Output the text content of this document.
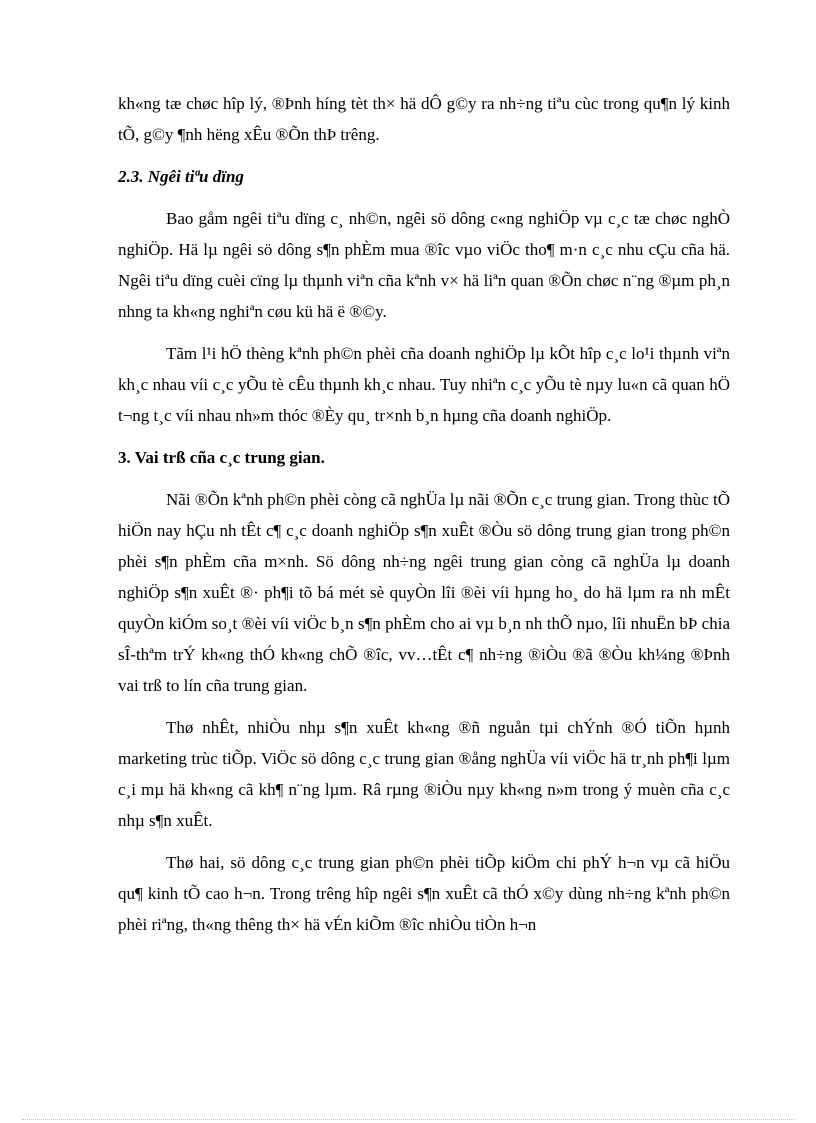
kh«ng tæ chøc hîp lý, ®Þnh híng tèt th× hä dÔ g©y ra nh÷ng tiªu cùc trong qu¶n lý kinh tÕ, g©y ¶nh hëng xÊu ®Õn thÞ trêng.

2.3. Ngêi tiªu dïng

Bao gåm ngêi tiªu dïng c¸ nh©n, ngêi sö dông c«ng nghiÖp vµ c¸c tæ chøc nghÒ nghiÖp. Hä lµ ngêi sö dông s¶n phÈm mua ®îc vµo viÖc tho¶ m·n c¸c nhu cÇu cña hä. Ngêi tiªu dïng cuèi cïng lµ thµnh viªn cña kªnh v× hä liªn quan ®Õn chøc n¨ng ®µm ph¸n nhng ta kh«ng nghiªn cøu kü hä ë ®©y.

Tãm l¹i hÖ thèng kªnh ph©n phèi cña doanh nghiÖp lµ kÕt hîp c¸c lo¹i thµnh viªn kh¸c nhau víi c¸c yÕu tè cÊu thµnh kh¸c nhau. Tuy nhiªn c¸c yÕu tè nµy lu«n cã quan hÖ t¬ng t¸c víi nhau nh»m thóc ®Èy qu¸ tr×nh b¸n hµng cña doanh nghiÖp.

3. Vai trß cña c¸c trung gian.

Nãi ®Õn kªnh ph©n phèi còng cã nghÜa lµ nãi ®Õn c¸c trung gian. Trong thùc tÕ hiÖn nay hÇu nh tÊt c¶ c¸c doanh nghiÖp s¶n xuÊt ®Òu sö dông trung gian trong ph©n phèi s¶n phÈm cña m×nh. Sö dông nh÷ng ngêi trung gian còng cã nghÜa lµ doanh nghiÖp s¶n xuÊt ®· ph¶i tõ bá mét sè quyÒn lîi ®èi víi hµng ho¸ do hä lµm ra nh mÊt quyÒn kiÓm so¸t ®èi víi viÖc b¸n s¶n phÈm cho ai vµ b¸n nh thÕ nµo, lîi nhuËn bÞ chia sÎ-thªm trÝ kh«ng thÓ kh«ng chÕ ®îc, vv…tÊt c¶ nh÷ng ®iÒu ®ã ®Òu kh¼ng ®Þnh vai trß to lín cña trung gian.

Thø nhÊt, nhiÒu nhµ s¶n xuÊt kh«ng ®ñ nguån tµi chÝnh ®Ó tiÕn hµnh marketing trùc tiÕp. ViÖc sö dông c¸c trung gian ®ång nghÜa víi viÖc hä tr¸nh ph¶i lµm c¸i mµ hä kh«ng cã kh¶ n¨ng lµm. Râ rµng ®iÒu nµy kh«ng n»m trong ý muèn cña c¸c nhµ s¶n xuÊt.

Thø hai, sö dông c¸c trung gian ph©n phèi tiÕp kiÖm chi phÝ h¬n vµ cã hiÖu qu¶ kinh tÕ cao h¬n. Trong trêng hîp ngêi s¶n xuÊt cã thÓ x©y dùng nh÷ng kªnh ph©n phèi riªng, th«ng thêng th× hä vÉn kiÕm ®îc nhiÒu tiÒn h¬n
